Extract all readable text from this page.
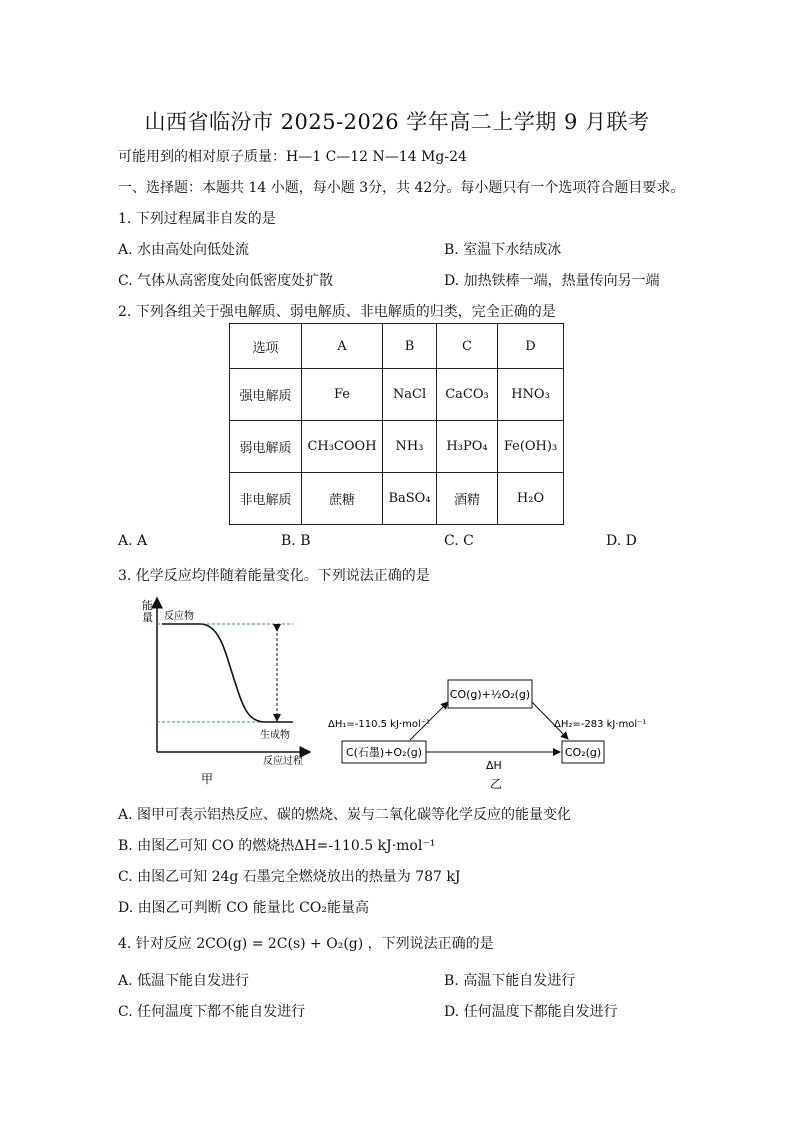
山西省临汾市 2025-2026 学年高二上学期 9 月联考
可能用到的相对原子质量：H—1 C—12 N—14 Mg-24
一、选择题：本题共 14 小题，每小题 3分，共 42分。每小题只有一个选项符合题目要求。
1. 下列过程属非自发的是
A. 水由高处向低处流	B. 室温下水结成冰
C. 气体从高密度处向低密度处扩散	D. 加热铁棒一端，热量传向另一端
2. 下列各组关于强电解质、弱电解质、非电解质的归类，完全正确的是
选项	A	B	C	D
强电解质	Fe	NaCl	CaCO₃	HNO₃
弱电解质	CH₃COOH	NH₃	H₃PO₄	Fe(OH)₃
非电解质	蔗糖	BaSO₄	酒精	H₂O
A. A	B. B	C. C	D. D
3. 化学反应均伴随着能量变化。下列说法正确的是
能
量 反应物
生成物
反应过程
甲
CO(g)+½O₂(g)
C(石墨)+O₂(g)	CO₂(g)
ΔH₁=-110.5 kJ·mol⁻¹	ΔH₂=-283 kJ·mol⁻¹
ΔH
乙
A. 图甲可表示铝热反应、碳的燃烧、炭与二氧化碳等化学反应的能量变化
B. 由图乙可知 CO 的燃烧热ΔH=-110.5 kJ·mol⁻¹
C. 由图乙可知 24g 石墨完全燃烧放出的热量为 787 kJ
D. 由图乙可判断 CO 能量比 CO₂能量高
4. 针对反应 2CO(g) = 2C(s) + O₂(g) ，下列说法正确的是
A. 低温下能自发进行	B. 高温下能自发进行
C. 任何温度下都不能自发进行	D. 任何温度下都能自发进行
